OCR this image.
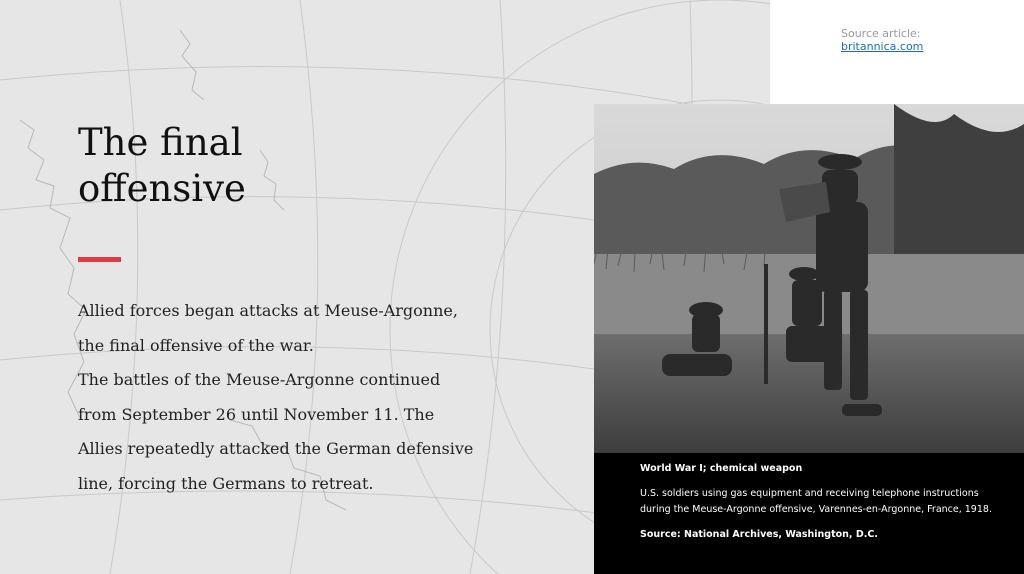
Source article:
britannica.com
The final
offensive

Allied forces began attacks at Meuse-Argonne, the final offensive of the war.

The battles of the Meuse-Argonne continued

from September 26 until November 11. The Allies repeatedly attacked the German defensive line, forcing the Germans to retreat.

World War I; chemical weapon

U.S. soldiers using gas equipment and receiving telephone instructions during the Meuse-Argonne offensive, Varennes-en-Argonne, France, 1918.

Source: National Archives, Washington, D.C.
